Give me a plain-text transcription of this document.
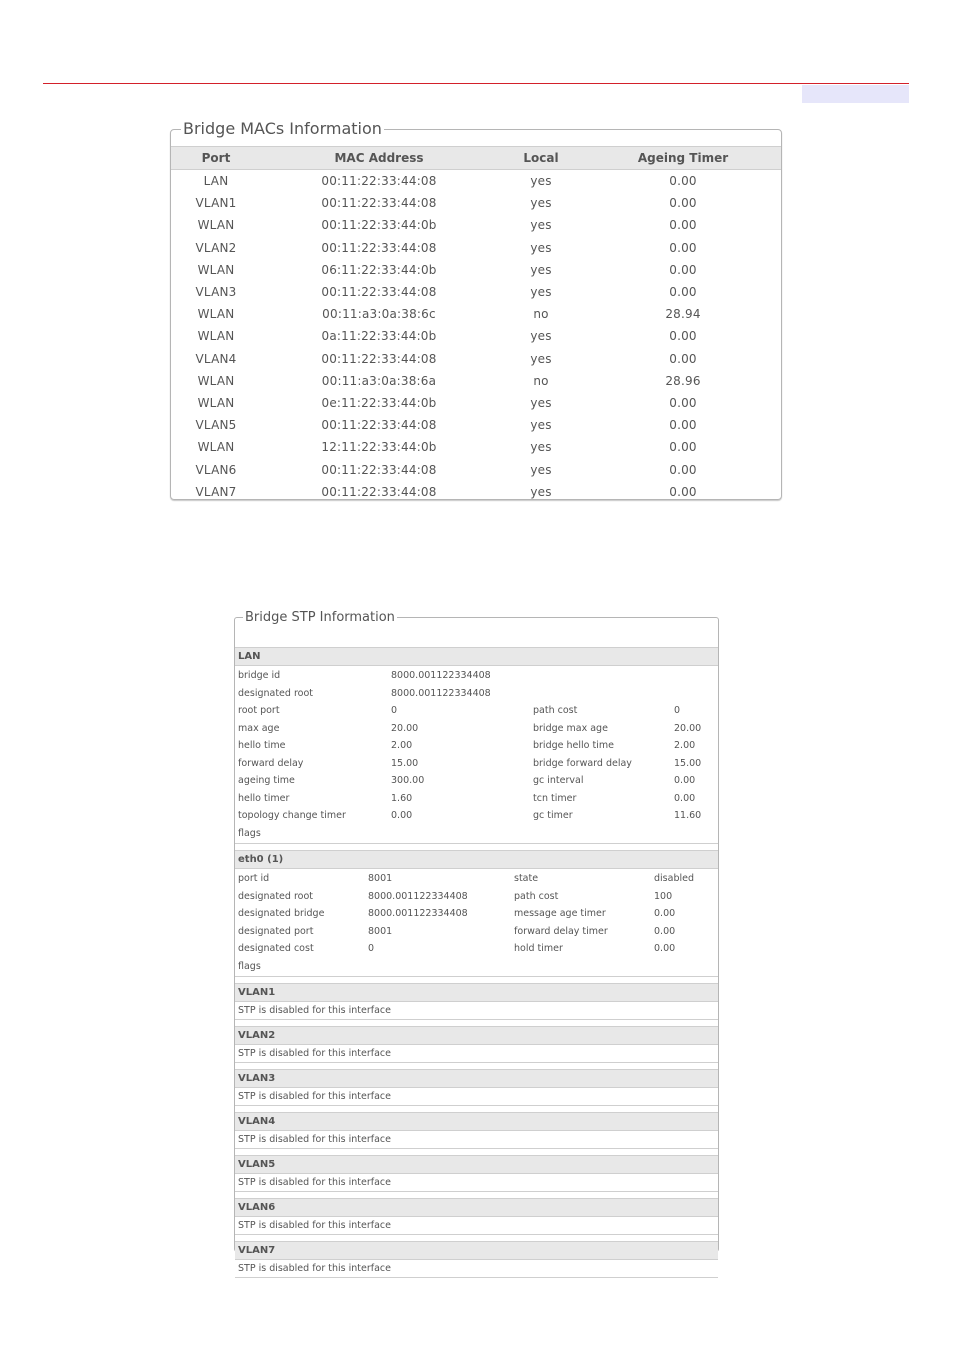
Bridge MACs Information
Port	MAC Address	Local	Ageing Timer
LAN	00:11:22:33:44:08	yes	0.00
VLAN1	00:11:22:33:44:08	yes	0.00
WLAN	00:11:22:33:44:0b	yes	0.00
VLAN2	00:11:22:33:44:08	yes	0.00
WLAN	06:11:22:33:44:0b	yes	0.00
VLAN3	00:11:22:33:44:08	yes	0.00
WLAN	00:11:a3:0a:38:6c	no	28.94
WLAN	0a:11:22:33:44:0b	yes	0.00
VLAN4	00:11:22:33:44:08	yes	0.00
WLAN	00:11:a3:0a:38:6a	no	28.96
WLAN	0e:11:22:33:44:0b	yes	0.00
VLAN5	00:11:22:33:44:08	yes	0.00
WLAN	12:11:22:33:44:0b	yes	0.00
VLAN6	00:11:22:33:44:08	yes	0.00
VLAN7	00:11:22:33:44:08	yes	0.00
Bridge STP Information
LAN
bridge id	8000.001122334408
designated root	8000.001122334408
root port	0	path cost	0
max age	20.00	bridge max age	20.00
hello time	2.00	bridge hello time	2.00
forward delay	15.00	bridge forward delay	15.00
ageing time	300.00	gc interval	0.00
hello timer	1.60	tcn timer	0.00
topology change timer	0.00	gc timer	11.60
flags
eth0 (1)
port id	8001	state	disabled
designated root	8000.001122334408	path cost	100
designated bridge	8000.001122334408	message age timer	0.00
designated port	8001	forward delay timer	0.00
designated cost	0	hold timer	0.00
flags
VLAN1
STP is disabled for this interface
VLAN2
STP is disabled for this interface
VLAN3
STP is disabled for this interface
VLAN4
STP is disabled for this interface
VLAN5
STP is disabled for this interface
VLAN6
STP is disabled for this interface
VLAN7
STP is disabled for this interface
